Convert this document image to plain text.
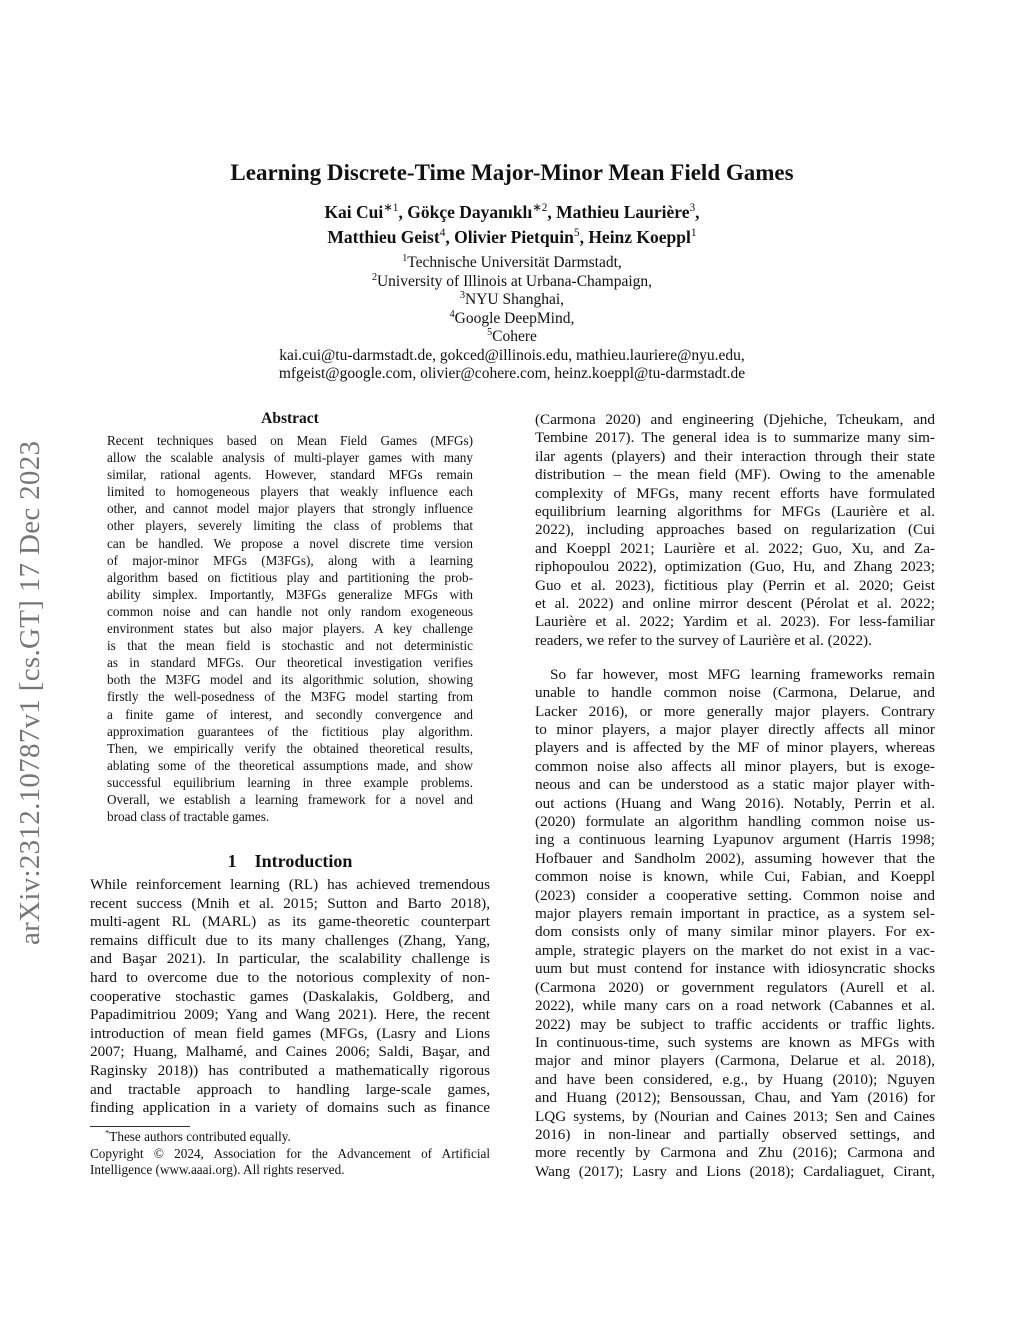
arXiv:2312.10787v1 [cs.GT] 17 Dec 2023
Learning Discrete-Time Major-Minor Mean Field Games
Kai Cui$^{∗1}$, Gökçe Dayanıklı$^{∗2}$, Mathieu Laurière$^3$,
Matthieu Geist$^4$, Olivier Pietquin$^5$, Heinz Koeppl$^1$
$^1$Technische Universität Darmstadt,
$^2$University of Illinois at Urbana-Champaign,
$^3$NYU Shanghai,
$^4$Google DeepMind,
$^5$Cohere
kai.cui@tu-darmstadt.de, gokced@illinois.edu, mathieu.lauriere@nyu.edu,
mfgeist@google.com, olivier@cohere.com, heinz.koeppl@tu-darmstadt.de
Abstract
Recent techniques based on Mean Field Games (MFGs)
allow the scalable analysis of multi-player games with many
similar, rational agents. However, standard MFGs remain
limited to homogeneous players that weakly influence each
other, and cannot model major players that strongly influence
other players, severely limiting the class of problems that
can be handled. We propose a novel discrete time version
of major-minor MFGs (M3FGs), along with a learning
algorithm based on fictitious play and partitioning the prob-
ability simplex. Importantly, M3FGs generalize MFGs with
common noise and can handle not only random exogeneous
environment states but also major players. A key challenge
is that the mean field is stochastic and not deterministic
as in standard MFGs. Our theoretical investigation verifies
both the M3FG model and its algorithmic solution, showing
firstly the well-posedness of the M3FG model starting from
a finite game of interest, and secondly convergence and
approximation guarantees of the fictitious play algorithm.
Then, we empirically verify the obtained theoretical results,
ablating some of the theoretical assumptions made, and show
successful equilibrium learning in three example problems.
Overall, we establish a learning framework for a novel and
broad class of tractable games.
1    Introduction
While reinforcement learning (RL) has achieved tremendous
recent success (Mnih et al. 2015; Sutton and Barto 2018),
multi-agent RL (MARL) as its game-theoretic counterpart
remains difficult due to its many challenges (Zhang, Yang,
and Başar 2021). In particular, the scalability challenge is
hard to overcome due to the notorious complexity of non-
cooperative stochastic games (Daskalakis, Goldberg, and
Papadimitriou 2009; Yang and Wang 2021). Here, the recent
introduction of mean field games (MFGs, (Lasry and Lions
2007; Huang, Malhamé, and Caines 2006; Saldi, Başar, and
Raginsky 2018)) has contributed a mathematically rigorous
and tractable approach to handling large-scale games,
finding application in a variety of domains such as finance
(Carmona 2020) and engineering (Djehiche, Tcheukam, and
Tembine 2017). The general idea is to summarize many sim-
ilar agents (players) and their interaction through their state
distribution – the mean field (MF). Owing to the amenable
complexity of MFGs, many recent efforts have formulated
equilibrium learning algorithms for MFGs (Laurière et al.
2022), including approaches based on regularization (Cui
and Koeppl 2021; Laurière et al. 2022; Guo, Xu, and Za-
riphopoulou 2022), optimization (Guo, Hu, and Zhang 2023;
Guo et al. 2023), fictitious play (Perrin et al. 2020; Geist
et al. 2022) and online mirror descent (Pérolat et al. 2022;
Laurière et al. 2022; Yardim et al. 2023). For less-familiar
readers, we refer to the survey of Laurière et al. (2022).
So far however, most MFG learning frameworks remain
unable to handle common noise (Carmona, Delarue, and
Lacker 2016), or more generally major players. Contrary
to minor players, a major player directly affects all minor
players and is affected by the MF of minor players, whereas
common noise also affects all minor players, but is exoge-
neous and can be understood as a static major player with-
out actions (Huang and Wang 2016). Notably, Perrin et al.
(2020) formulate an algorithm handling common noise us-
ing a continuous learning Lyapunov argument (Harris 1998;
Hofbauer and Sandholm 2002), assuming however that the
common noise is known, while Cui, Fabian, and Koeppl
(2023) consider a cooperative setting. Common noise and
major players remain important in practice, as a system sel-
dom consists only of many similar minor players. For ex-
ample, strategic players on the market do not exist in a vac-
uum but must contend for instance with idiosyncratic shocks
(Carmona 2020) or government regulators (Aurell et al.
2022), while many cars on a road network (Cabannes et al.
2022) may be subject to traffic accidents or traffic lights.
In continuous-time, such systems are known as MFGs with
major and minor players (Carmona, Delarue et al. 2018),
and have been considered, e.g., by Huang (2010); Nguyen
and Huang (2012); Bensoussan, Chau, and Yam (2016) for
LQG systems, by (Nourian and Caines 2013; Sen and Caines
2016) in non-linear and partially observed settings, and
more recently by Carmona and Zhu (2016); Carmona and
Wang (2017); Lasry and Lions (2018); Cardaliaguet, Cirant,
*These authors contributed equally.
Copyright © 2024, Association for the Advancement of Artificial
Intelligence (www.aaai.org). All rights reserved.
